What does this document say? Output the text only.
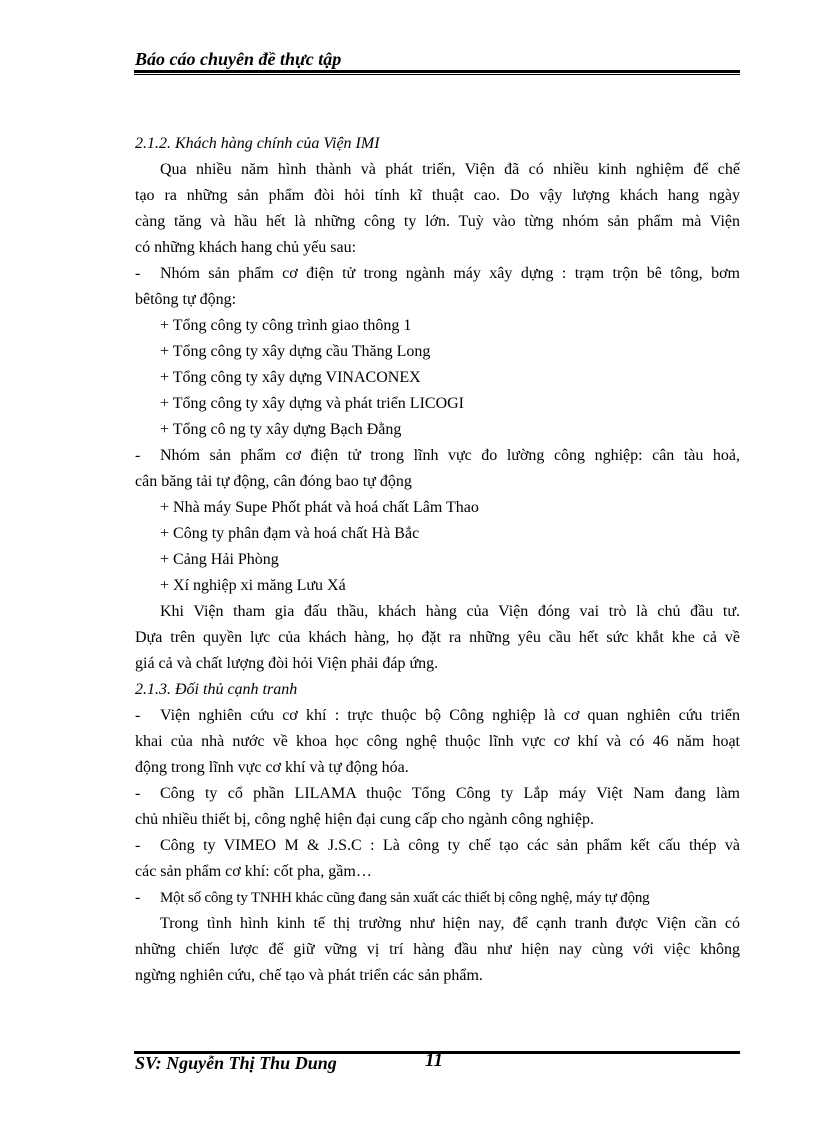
Báo cáo chuyên đề thực tập
2.1.2. Khách hàng chính của Viện IMI
Qua nhiều năm hình thành và phát triển, Viện đã có nhiều kinh nghiệm để chế
tạo ra những sản phẩm đòi hỏi tính kĩ thuật cao. Do vậy lượng khách hang ngày
càng tăng và hầu hết là những công ty lớn. Tuỳ vào từng nhóm sản phẩm mà Viện
có những khách hang chủ yếu sau:
- Nhóm sản phẩm cơ điện tử trong ngành máy xây dựng : trạm trộn bê tông, bơm
bêtông tự động:
+ Tổng công ty công trình giao thông 1
+ Tổng công ty xây dựng cầu Thăng Long
+ Tổng công ty xây dựng VINACONEX
+ Tổng công ty xây dựng và phát triển LICOGI
+ Tổng cô ng ty xây dựng Bạch Đằng
- Nhóm sản phẩm cơ điện tử trong lĩnh vực đo lường công nghiệp: cân tàu hoả,
cân băng tải tự động, cân đóng bao tự động
+ Nhà máy Supe Phốt phát và hoá chất Lâm Thao
+ Công ty phân đạm và hoá chất Hà Bắc
+ Cảng Hải Phòng
+ Xí nghiệp xi măng Lưu Xá
Khi Viện tham gia đấu thầu, khách hàng của Viện đóng vai trò là chủ đầu tư.
Dựa trên quyền lực của khách hàng, họ đặt ra những yêu cầu hết sức khắt khe cả về
giá cả và chất lượng đòi hỏi Viện phải đáp ứng.
2.1.3. Đối thủ cạnh tranh
- Viện nghiên cứu cơ khí : trực thuộc bộ Công nghiệp là cơ quan nghiên cứu triển
khai của nhà nước về khoa học công nghệ thuộc lĩnh vực cơ khí và có 46 năm hoạt
động trong lĩnh vực cơ khí và tự động hóa.
- Công ty cổ phần LILAMA thuộc Tổng Công ty Lắp máy Việt Nam đang làm
chủ nhiều thiết bị, công nghệ hiện đại cung cấp cho ngành công nghiệp.
- Công ty VIMEO M & J.S.C : Là công ty chế tạo các sản phẩm kết cấu thép và
các sản phẩm cơ khí: cốt pha, gầm…
- Một số công ty TNHH khác cũng đang sản xuất các thiết bị công nghệ, máy tự động
Trong tình hình kinh tế thị trường như hiện nay, để cạnh tranh được Viện cần có
những chiến lược để giữ vững vị trí hàng đầu như hiện nay cùng với việc không
ngừng nghiên cứu, chế tạo và phát triển các sản phẩm.
SV: Nguyễn Thị Thu Dung	11
